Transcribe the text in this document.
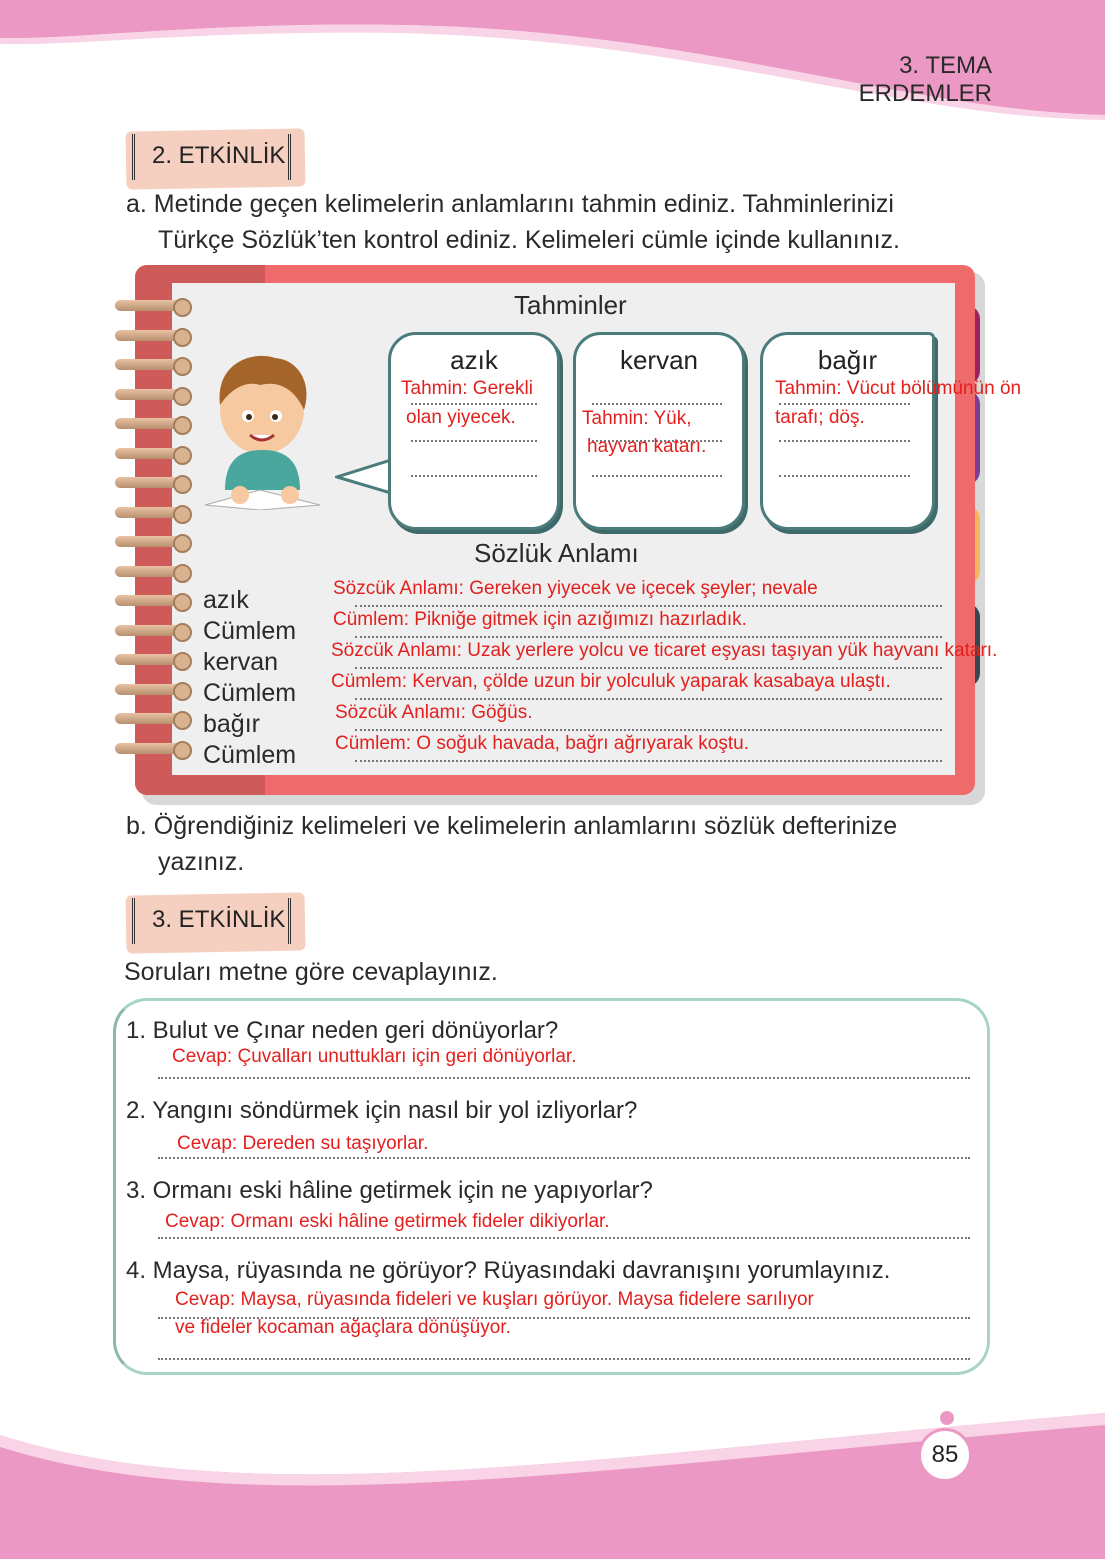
3. TEMA
ERDEMLER
2. ETKİNLİK
a. Metinde geçen kelimelerin anlamlarını tahmin ediniz. Tahminlerinizi
Türkçe Sözlük’ten kontrol ediniz. Kelimeleri cümle içinde kullanınız.
Tahminler
azık
Tahmin: Gerekli
olan yiyecek.
kervan
Tahmin: Yük,
hayvan katarı.
bağır
Tahmin: Vücut bölümünün ön
tarafı; döş.
Sözlük Anlamı
azık	Sözcük Anlamı: Gereken yiyecek ve içecek şeyler; nevale
Cümlem Cümlem: Pikniğe gitmek için azığımızı hazırladık.
kervan	Sözcük Anlamı: Uzak yerlere yolcu ve ticaret eşyası taşıyan yük hayvanı katarı.
Cümlem Cümlem: Kervan, çölde uzun bir yolculuk yaparak kasabaya ulaştı.
bağır	Sözcük Anlamı: Göğüs.
Cümlem Cümlem: O soğuk havada, bağrı ağrıyarak koştu.
b. Öğrendiğiniz kelimeleri ve kelimelerin anlamlarını sözlük defterinize
yazınız.
3. ETKİNLİK
Soruları metne göre cevaplayınız.
1. Bulut ve Çınar neden geri dönüyorlar?
Cevap: Çuvalları unuttukları için geri dönüyorlar.
2. Yangını söndürmek için nasıl bir yol izliyorlar?
Cevap: Dereden su taşıyorlar.
3. Ormanı eski hâline getirmek için ne yapıyorlar?
Cevap: Ormanı eski hâline getirmek fideler dikiyorlar.
4. Maysa, rüyasında ne görüyor? Rüyasındaki davranışını yorumlayınız.
Cevap: Maysa, rüyasında fideleri ve kuşları görüyor. Maysa fidelere sarılıyor
ve fideler kocaman ağaçlara dönüşüyor.
85
